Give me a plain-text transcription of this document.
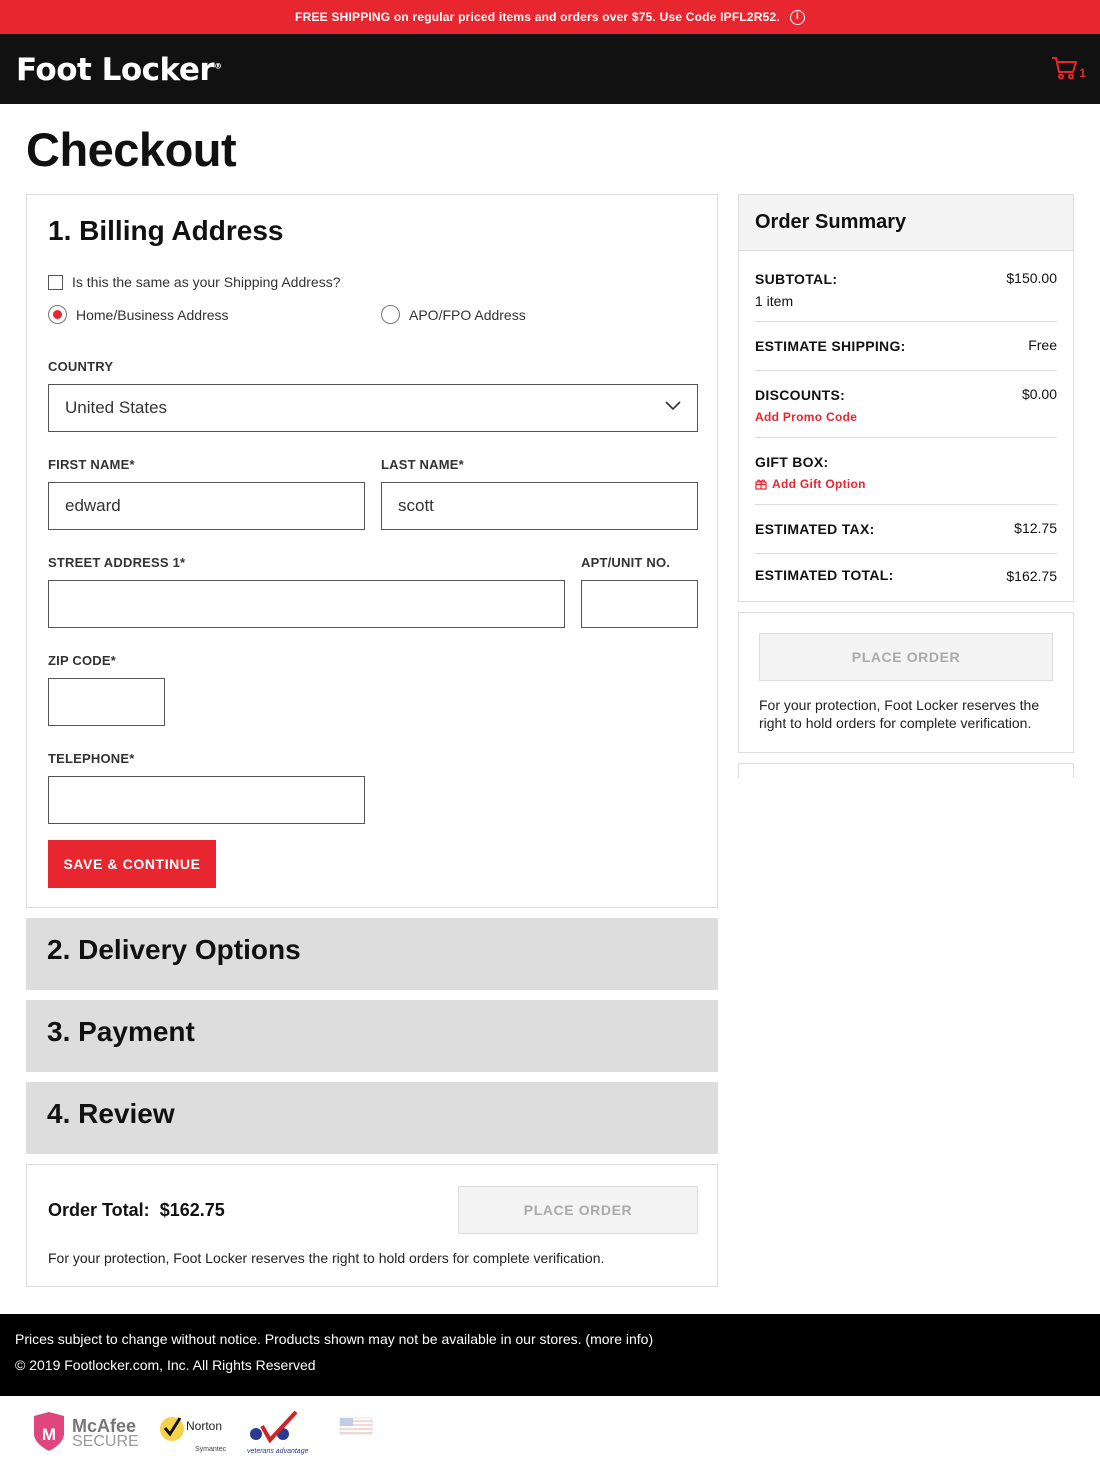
FREE SHIPPING on regular priced items and orders over $75. Use Code IPFL2R52.	i
Foot Locker®	1
Checkout
1. Billing Address
Is this the same as your Shipping Address?
Home/Business Address	APO/FPO Address
COUNTRY
United States
FIRST NAME*
edward
LAST NAME*
scott
STREET ADDRESS 1*	APT/UNIT NO.
ZIP CODE*
TELEPHONE*
SAVE & CONTINUE
2. Delivery Options
3. Payment
4. Review
Order Total: $162.75	PLACE ORDER
For your protection, Foot Locker reserves the right to hold orders for complete verification.
Order Summary
SUBTOTAL:	$150.00
1 item
ESTIMATE SHIPPING:	Free
DISCOUNTS:	$0.00
Add Promo Code
GIFT BOX:
Add Gift Option
ESTIMATED TAX:	$12.75
ESTIMATED TOTAL:	$162.75
PLACE ORDER
For your protection, Foot Locker reserves the right to hold orders for complete verification.
Prices subject to change without notice. Products shown may not be available in our stores. (more info)
© 2019 Footlocker.com, Inc. All Rights Reserved
M McAfee
SECURE
Norton
Symantec	veterans advantage
